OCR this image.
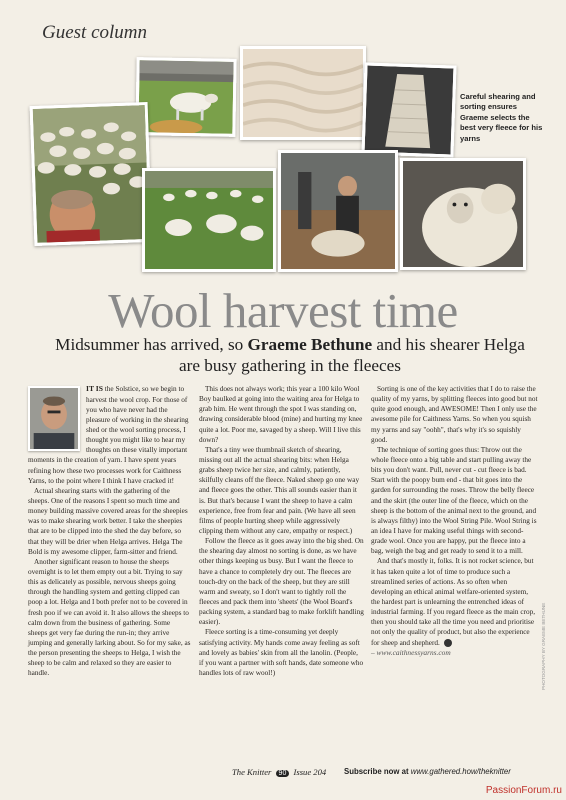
Guest column
Careful shearing and sorting ensures Graeme selects the best very fleece for his yarns
Wool harvest time
Midsummer has arrived, so Graeme Bethune and his shearer Helga are busy gathering in the fleeces

IT IS the Solstice, so we begin to harvest the wool crop. For those of you who have never had the pleasure of working in the shearing shed or the wool sorting process, I thought you might like to hear my thoughts on these vitally important moments in the creation of yarn. I have spent years refining how these two processes work for Caithness Yarns, to the point where I think I have cracked it!

Actual shearing starts with the gathering of the sheeps. One of the reasons I spent so much time and money building massive covered areas for the sheepies was to make shearing work better. I take the sheepies that are to be clipped into the shed the day before, so that they will be drier when Helga arrives. Helga The Bold is my awesome clipper, farm-sitter and friend.

Another significant reason to house the sheeps overnight is to let them empty out a bit. Trying to say this as delicately as possible, nervous sheeps going through the handling system and getting clipped can poop a lot. Helga and I both prefer not to be covered in fresh poo if we can avoid it. It also allows the sheeps to calm down from the business of gathering. Some sheeps get very fae during the run-in; they arrive jumping and generally larking about. So for my sake, as the person presenting the sheeps to Helga, I wish the sheep to be calm and relaxed so they are easier to handle.

This does not always work; this year a 100 kilo Wool Boy baulked at going into the waiting area for Helga to grab him. He went through the spot I was standing on, drawing considerable blood (mine) and hurting my knee quite a lot. Poor me, savaged by a sheep. Will I live this down?

That's a tiny wee thumbnail sketch of shearing, missing out all the actual shearing bits: when Helga grabs sheep twice her size, and calmly, patiently, skilfully cleans off the fleece. Naked sheep go one way and fleece goes the other. This all sounds easier than it is. But that's because I want the sheep to have a calm experience, free from fear and pain. (We have all seen films of people hurting sheep while aggressively clipping them without any care, empathy or respect.)

Follow the fleece as it goes away into the big shed. On the shearing day almost no sorting is done, as we have other things keeping us busy. But I want the fleece to have a chance to completely dry out. The fleeces are touch-dry on the back of the sheep, but they are still warm and sweaty, so I don't want to tightly roll the fleeces and pack them into 'sheets' (the Wool Board's packing system, a standard bag to make forklift handling easier).

Fleece sorting is a time-consuming yet deeply satisfying activity. My hands come away feeling as soft and lovely as babies' skin from all the lanolin. (People, if you want a partner with soft hands, date someone who handles lots of raw wool!)

Sorting is one of the key activities that I do to raise the quality of my yarns, by splitting fleeces into good but not quite good enough, and AWESOME! Then I only use the awesome pile for Caithness Yarns. So when you squish my yarns and say "oohh", that's why it's so squishly good.

The technique of sorting goes thus: Throw out the whole fleece onto a big table and start pulling away the bits you don't want. Pull, never cut - cut fleece is bad. Start with the poopy bum end - that bit goes into the garden for surrounding the roses. Throw the belly fleece and the skirt (the outer line of the fleece, which on the sheep is the bottom of the animal next to the ground, and is always filthy) into the Wool String Pile. Wool String is an idea I have for making useful things with second-grade wool. Once you are happy, put the fleece into a bag, weigh the bag and get ready to send it to a mill.

And that's mostly it, folks. It is not rocket science, but it has taken quite a lot of time to produce such a streamlined series of actions. As so often when developing an ethical animal welfare-oriented system, the hardest part is unlearning the entrenched ideas of industrial farming. If you regard fleece as the main crop, then you should take all the time you need and prioritise not only the quality of product, but also the experience for sheep and shepherd.

– www.caithnessyarns.com	PHOTOGRAPHY BY GRAEME BETHUNE
The Knitter 90 Issue 204 Subscribe now at www.gathered.how/theknitter
PassionForum.ru
